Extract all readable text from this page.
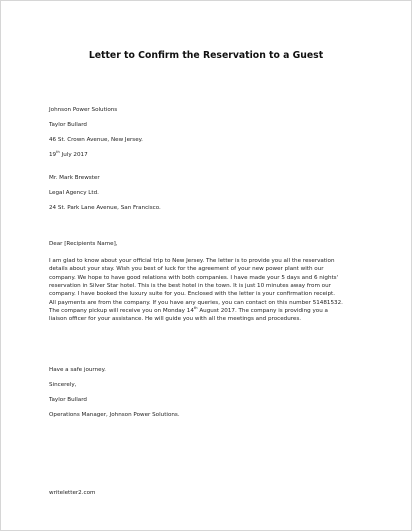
Letter to Confirm the Reservation to a Guest
Johnson Power Solutions
Taylor Bullard
46 St. Crown Avenue, New Jersey.
19th July 2017
Mr. Mark Brewster
Legal Agency Ltd.
24 St. Park Lane Avenue, San Francisco.
Dear [Recipients Name],
I am glad to know about your official trip to New Jersey. The letter is to provide you all the reservation
details about your stay. Wish you best of luck for the agreement of your new power plant with our
company. We hope to have good relations with both companies. I have made your 5 days and 6 nights'
reservation in Silver Star hotel. This is the best hotel in the town. It is just 10 minutes away from our
company. I have booked the luxury suite for you. Enclosed with the letter is your confirmation receipt.
All payments are from the company. If you have any queries, you can contact on this number 51481532.
The company pickup will receive you on Monday 14th August 2017. The company is providing you a
liaison officer for your assistance. He will guide you with all the meetings and procedures.
Have a safe journey.
Sincerely,
Taylor Bullard
Operations Manager, Johnson Power Solutions.
writeletter2.com
